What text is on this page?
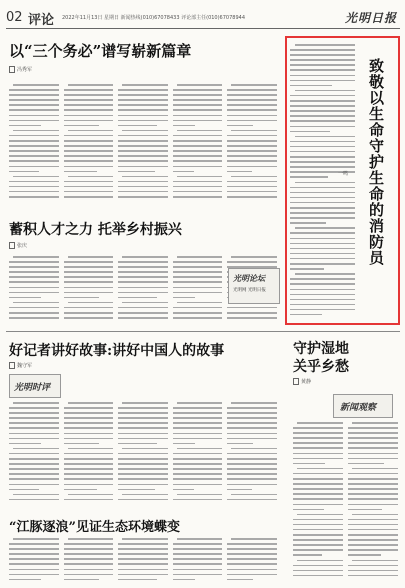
02 评论 2022年11月13日 星期日 新闻热线(010)67078433 评论部主任(010)67078944	光明日报
以“三个务必”谱写崭新篇章
冯秀军
蓄积人才之力 托举乡村振兴
张庆
光明论坛
光明网 光明日报
致敬以生命守护生命的消防员
一鸣
好记者讲好故事:讲好中国人的故事
魏守军
光明时评
守护湿地
关乎乡愁
黄静
新闻观察
“江豚逐浪”见证生态环境蝶变
